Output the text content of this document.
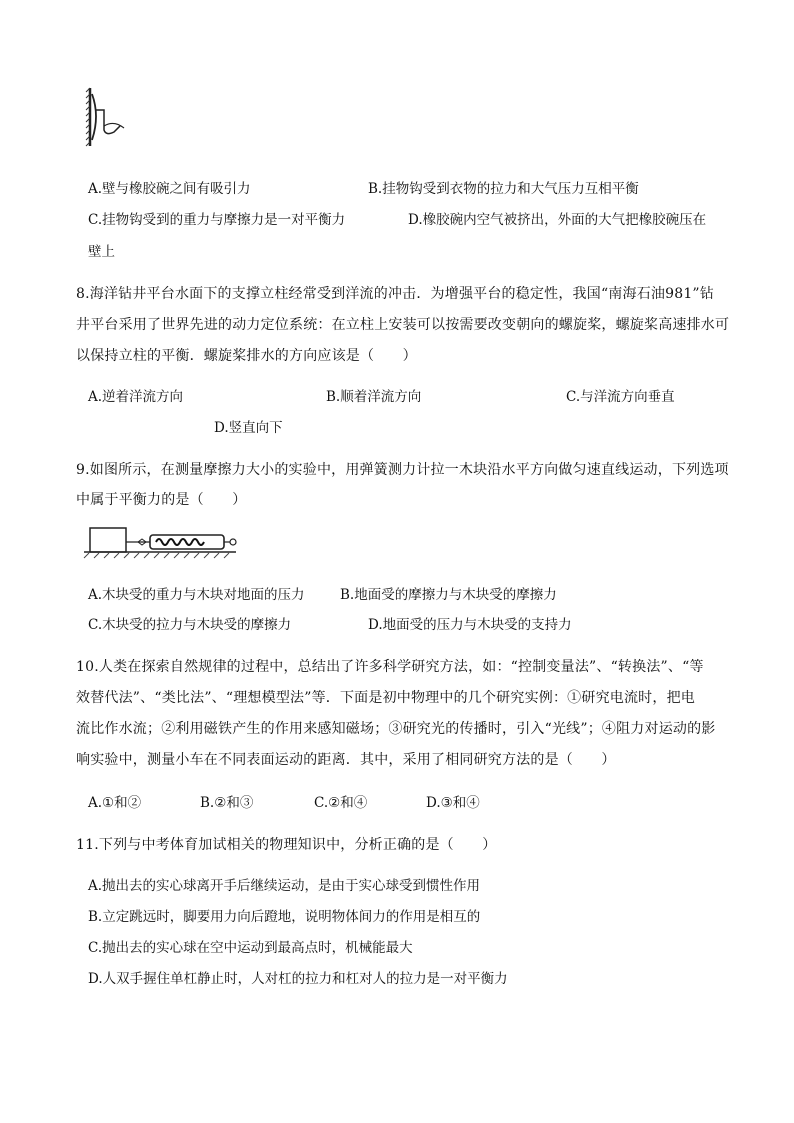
A.壁与橡胶碗之间有吸引力	B.挂物钩受到衣物的拉力和大气压力互相平衡
C.挂物钩受到的重力与摩擦力是一对平衡力	D.橡胶碗内空气被挤出，外面的大气把橡胶碗压在
壁上
8.海洋钻井平台水面下的支撑立柱经常受到洋流的冲击．为增强平台的稳定性，我国“南海石油981”钻
井平台采用了世界先进的动力定位系统：在立柱上安装可以按需要改变朝向的螺旋桨，螺旋桨高速排水可
以保持立柱的平衡．螺旋桨排水的方向应该是（　　）
A.逆着洋流方向	B.顺着洋流方向	C.与洋流方向垂直
D.竖直向下
9.如图所示，在测量摩擦力大小的实验中，用弹簧测力计拉一木块沿水平方向做匀速直线运动，下列选项
中属于平衡力的是（　　）
A.木块受的重力与木块对地面的压力	B.地面受的摩擦力与木块受的摩擦力
C.木块受的拉力与木块受的摩擦力	D.地面受的压力与木块受的支持力
10.人类在探索自然规律的过程中，总结出了许多科学研究方法，如：“控制变量法”、“转换法”、“等
效替代法”、“类比法”、“理想模型法”等．下面是初中物理中的几个研究实例：①研究电流时，把电
流比作水流；②利用磁铁产生的作用来感知磁场；③研究光的传播时，引入“光线”；④阻力对运动的影
响实验中，测量小车在不同表面运动的距离．其中，采用了相同研究方法的是（　　）
A.①和②	B.②和③	C.②和④	D.③和④
11.下列与中考体育加试相关的物理知识中，分析正确的是（　　）
A.抛出去的实心球离开手后继续运动，是由于实心球受到惯性作用
B.立定跳远时，脚要用力向后蹬地，说明物体间力的作用是相互的
C.抛出去的实心球在空中运动到最高点时，机械能最大
D.人双手握住单杠静止时，人对杠的拉力和杠对人的拉力是一对平衡力
